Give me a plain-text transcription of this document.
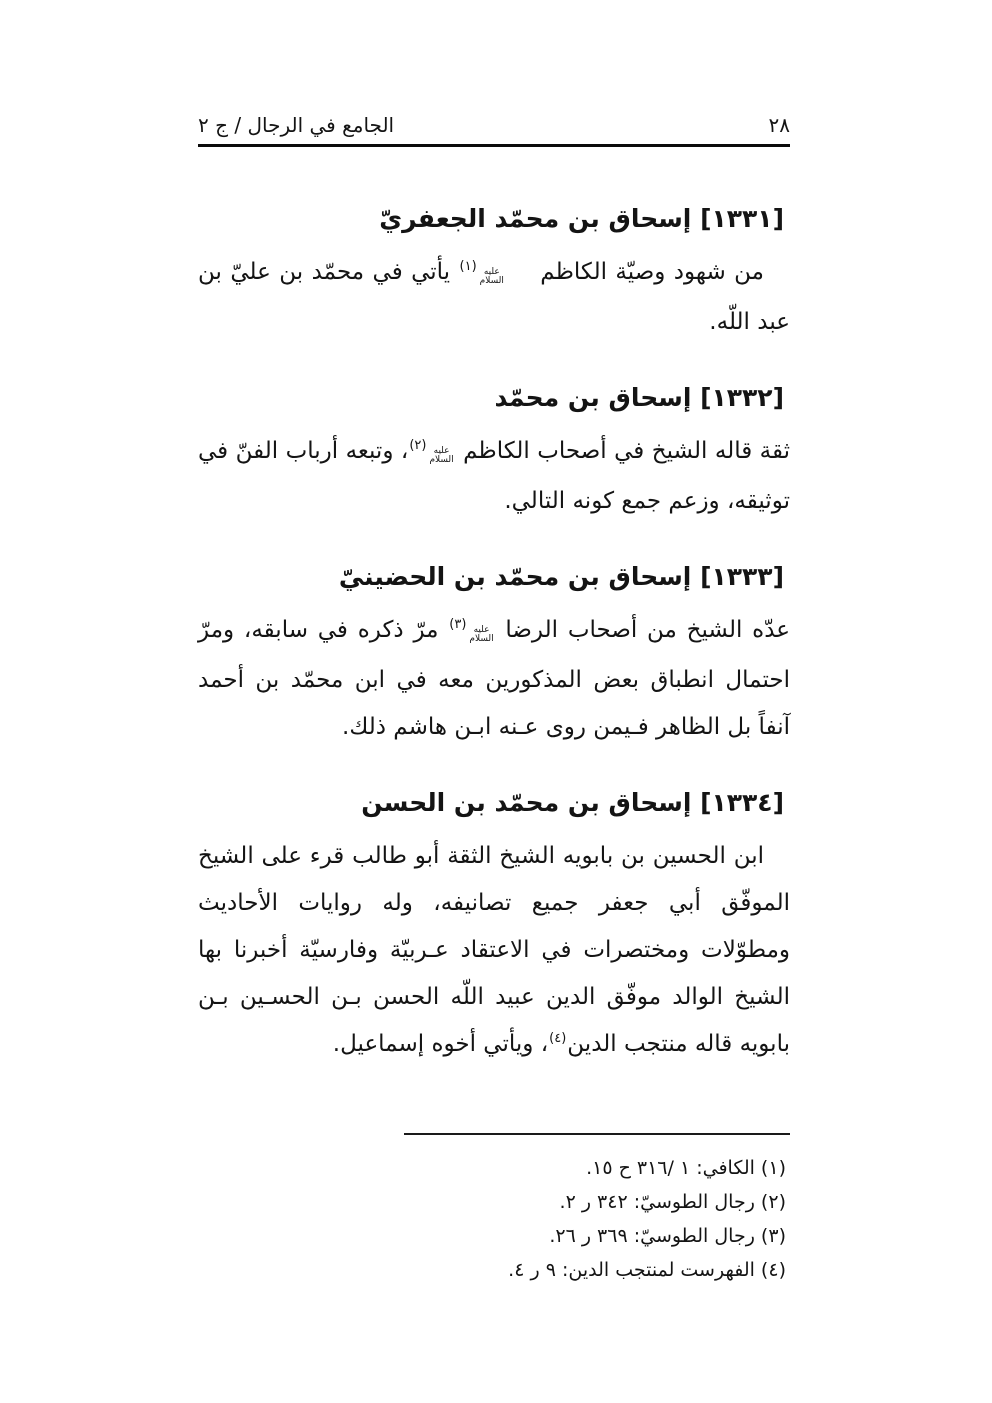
٢٨
الجامع في الرجال / ج ٢
[١٣٣١] إسحاق بن محمّد الجعفريّ

من شهود وصيّة الكاظم
عليه
السلام
$^{(١)}$ يأتي في محمّد بن عليّ بن عبد اللّه.

[١٣٣٢] إسحاق بن محمّد

ثقة قاله الشيخ في أصحاب الكاظم
عليه
السلام
$^{(٢)}$، وتبعه أرباب الفنّ في توثيقه، وزعم جمع كونه التالي.

[١٣٣٣] إسحاق بن محمّد بن الحضينيّ

عدّه الشيخ من أصحاب الرضا
عليه
السلام
$^{(٣)}$ مرّ ذكره في سابقه، ومرّ احتمال انطباق بعض المذكورين معه في ابن محمّد بن أحمد آنفاً بل الظاهر فـيمن روى عـنه ابـن هاشم ذلك.

[١٣٣٤] إسحاق بن محمّد بن الحسن

ابن الحسين بن بابويه الشيخ الثقة أبو طالب قرء على الشيخ الموفّق أبي جعفر جميع تصانيفه، وله روايات الأحاديث ومطوّلات ومختصرات في الاعتقاد عـربيّة وفارسيّة أخبرنا بها الشيخ الوالد موفّق الدين عبيد اللّه الحسن بـن الحسـين بـن بابويه قاله منتجب الدين$^{(٤)}$، ويأتي أخوه إسماعيل.

(١) الكافي: ١ /٣١٦ ح ١٥.
(٢) رجال الطوسيّ: ٣٤٢ ر ٢.
(٣) رجال الطوسيّ: ٣٦٩ ر ٢٦.
(٤) الفهرست لمنتجب الدين: ٩ ر ٤.
